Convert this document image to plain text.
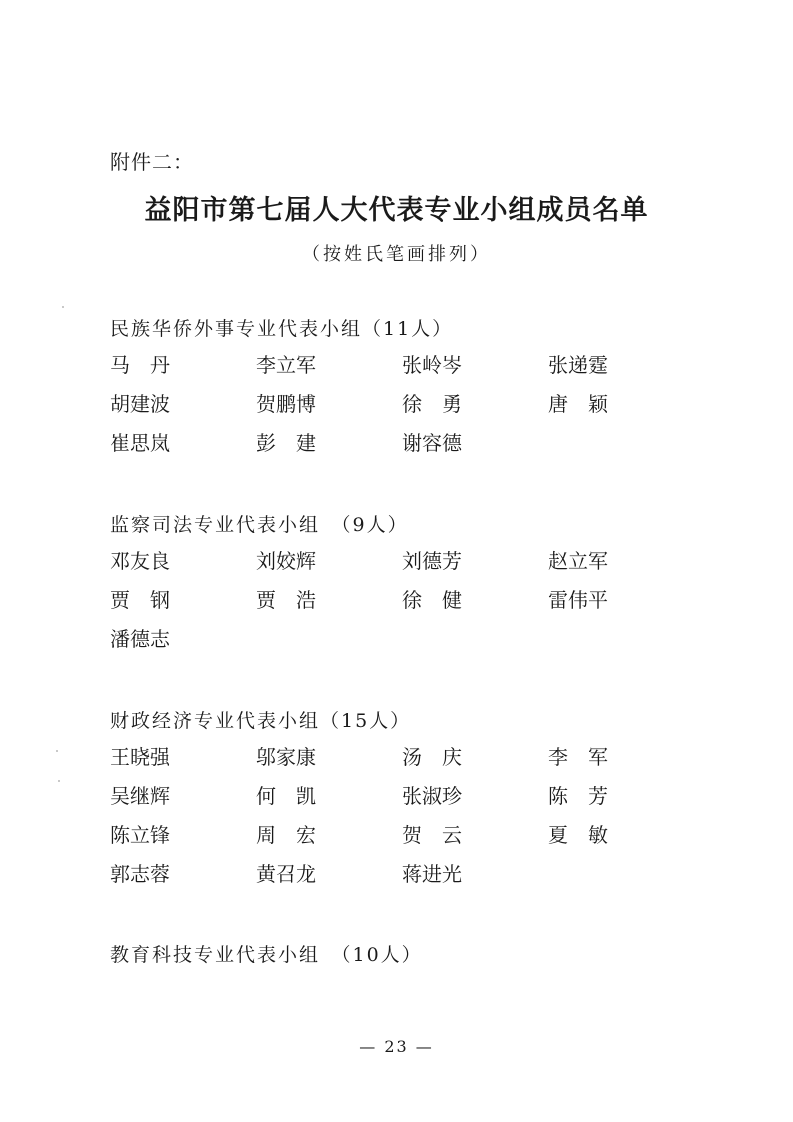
附件二：
益阳市第七届人大代表专业小组成员名单
（按姓氏笔画排列）
民族华侨外事专业代表小组（11人）
马　丹	李立军	张岭岑	张递霆
胡建波	贺鹏博	徐　勇	唐　颖
崔思岚	彭　建	谢容德
监察司法专业代表小组　（9人）
邓友良	刘姣辉	刘德芳	赵立军
贾　钢	贾　浩	徐　健	雷伟平
潘德志
财政经济专业代表小组（15人）
王晓强	邬家康	汤　庆	李　军
吴继辉	何　凯	张淑珍	陈　芳
陈立锋	周　宏	贺　云	夏　敏
郭志蓉	黄召龙	蒋进光
教育科技专业代表小组　（10人）
— 23 —
